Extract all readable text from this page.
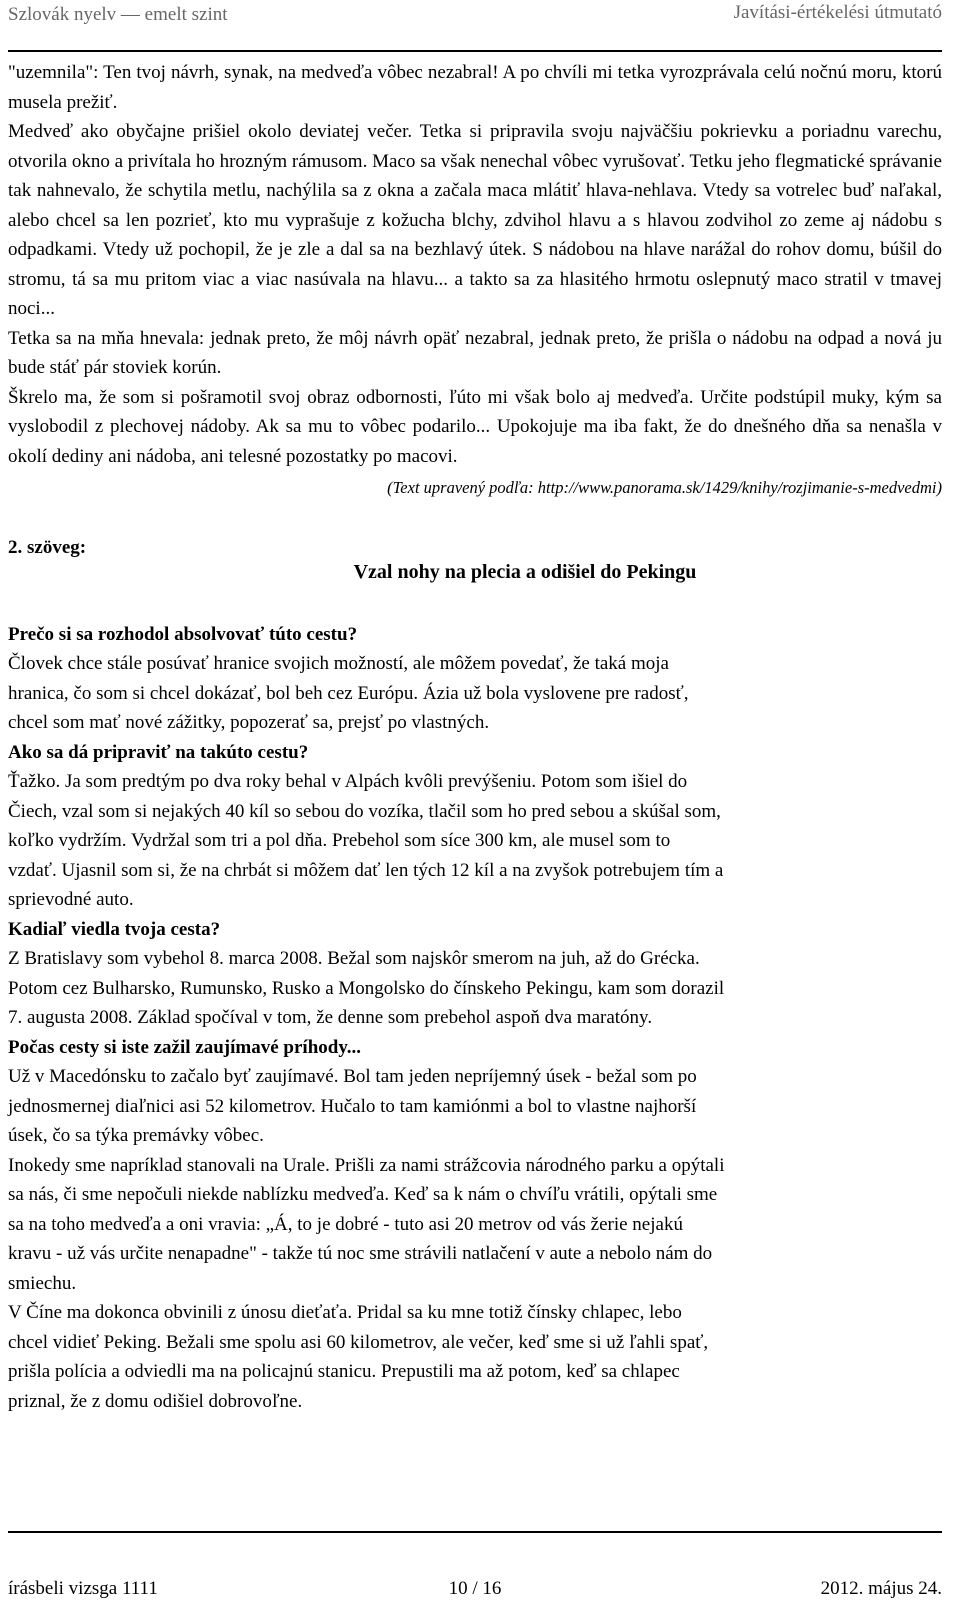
Szlovák nyelv — emelt szint	Javítási-értékelési útmutató

"uzemnila": Ten tvoj návrh, synak, na medveďa vôbec nezabral! A po chvíli mi tetka vyrozprávala celú nočnú moru, ktorú musela prežiť.

Medveď ako obyčajne prišiel okolo deviatej večer. Tetka si pripravila svoju najväčšiu pokrievku a poriadnu varechu, otvorila okno a privítala ho hrozným rámusom. Maco sa však nenechal vôbec vyrušovať. Tetku jeho flegmatické správanie tak nahnevalo, že schytila metlu, nachýlila sa z okna a začala maca mlátiť hlava-nehlava. Vtedy sa votrelec buď naľakal, alebo chcel sa len pozrieť, kto mu vyprašuje z kožucha blchy, zdvihol hlavu a s hlavou zodvihol zo zeme aj nádobu s odpadkami. Vtedy už pochopil, že je zle a dal sa na bezhlavý útek. S nádobou na hlave narážal do rohov domu, búšil do stromu, tá sa mu pritom viac a viac nasúvala na hlavu... a takto sa za hlasitého hrmotu oslepnutý maco stratil v tmavej noci...

Tetka sa na mňa hnevala: jednak preto, že môj návrh opäť nezabral, jednak preto, že prišla o nádobu na odpad a nová ju bude stáť pár stoviek korún.

Škrelo ma, že som si pošramotil svoj obraz odbornosti, ľúto mi však bolo aj medveďa. Určite podstúpil muky, kým sa vyslobodil z plechovej nádoby. Ak sa mu to vôbec podarilo... Upokojuje ma iba fakt, že do dnešného dňa sa nenašla v okolí dediny ani nádoba, ani telesné pozostatky po macovi.

(Text upravený podľa: http://www.panorama.sk/1429/knihy/rozjimanie-s-medvedmi)

2. szöveg:

Vzal nohy na plecia a odišiel do Pekingu

Prečo si sa rozhodol absolvovať túto cestu?

Človek chce stále posúvať hranice svojich možností, ale môžem povedať, že taká moja
hranica, čo som si chcel dokázať, bol beh cez Európu. Ázia už bola vyslovene pre radosť,
chcel som mať nové zážitky, popozerať sa, prejsť po vlastných.

Ako sa dá pripraviť na takúto cestu?

Ťažko. Ja som predtým po dva roky behal v Alpách kvôli prevýšeniu. Potom som išiel do
Čiech, vzal som si nejakých 40 kíl so sebou do vozíka, tlačil som ho pred sebou a skúšal som,
koľko vydržím. Vydržal som tri a pol dňa. Prebehol som síce 300 km, ale musel som to
vzdať. Ujasnil som si, že na chrbát si môžem dať len tých 12 kíl a na zvyšok potrebujem tím a
sprievodné auto.

Kadiaľ viedla tvoja cesta?

Z Bratislavy som vybehol 8. marca 2008. Bežal som najskôr smerom na juh, až do Grécka.
Potom cez Bulharsko, Rumunsko, Rusko a Mongolsko do čínskeho Pekingu, kam som dorazil
7. augusta 2008. Základ spočíval v tom, že denne som prebehol aspoň dva maratóny.

Počas cesty si iste zažil zaujímavé príhody...

Už v Macedónsku to začalo byť zaujímavé. Bol tam jeden nepríjemný úsek - bežal som po
jednosmernej diaľnici asi 52 kilometrov. Hučalo to tam kamiónmi a bol to vlastne najhorší
úsek, čo sa týka premávky vôbec.

Inokedy sme napríklad stanovali na Urale. Prišli za nami strážcovia národného parku a opýtali
sa nás, či sme nepočuli niekde nablízku medveďa. Keď sa k nám o chvíľu vrátili, opýtali sme
sa na toho medveďa a oni vravia: „Á, to je dobré - tuto asi 20 metrov od vás žerie nejakú
kravu - už vás určite nenapadne" - takže tú noc sme strávili natlačení v aute a nebolo nám do
smiechu.

V Číne ma dokonca obvinili z únosu dieťaťa. Pridal sa ku mne totiž čínsky chlapec, lebo
chcel vidieť Peking. Bežali sme spolu asi 60 kilometrov, ale večer, keď sme si už ľahli spať,
prišla polícia a odviedli ma na policajnú stanicu. Prepustili ma až potom, keď sa chlapec
priznal, že z domu odišiel dobrovoľne.

írásbeli vizsga 1111	10 / 16	2012. május 24.
